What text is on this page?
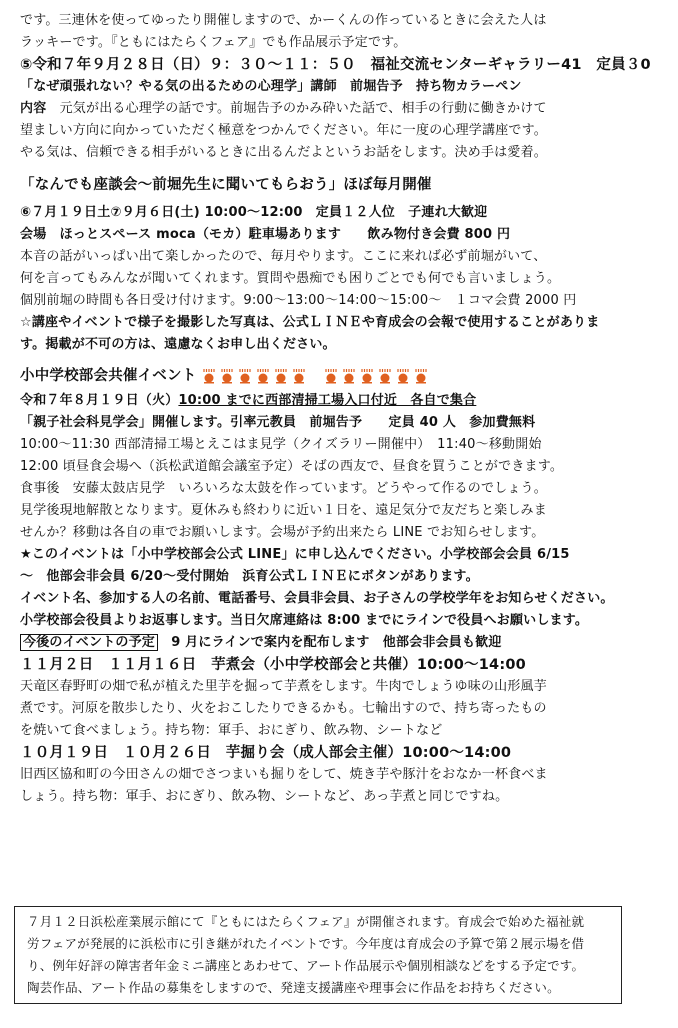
です。三連休を使ってゆったり開催しますので、かーくんの作っているときに会えた人は
ラッキーです。『ともにはたらくフェア』でも作品展示予定です。
⑤令和７年９月２８日（日）９：３０～１１：５０　福祉交流センターギャラリー41　定員３0
「なぜ頑張れない？やる気の出るための心理学」講師　前堀告予　持ち物カラーペン
内容　元気が出る心理学の話です。前堀告予のかみ砕いた話で、相手の行動に働きかけて
望ましい方向に向かっていただく極意をつかんでください。年に一度の心理学講座です。
やる気は、信頼できる相手がいるときに出るんだよというお話をします。決め手は愛着。
「なんでも座談会～前堀先生に聞いてもらおう」ほぼ毎月開催
⑥７月１９日土⑦９月６日(土) 10:00～12:00　定員１２人位　子連れ大歓迎
会場　ほっとスペース moca（モカ）駐車場あります　　飲み物付き会費 800 円
本音の話がいっぱい出て楽しかったので、毎月やります。ここに来れば必ず前堀がいて、
何を言ってもみんなが聞いてくれます。質問や愚痴でも困りごとでも何でも言いましょう。
個別前堀の時間も各日受け付けます。9:00～13:00～14:00～15:00～　１コマ会費 2000 円
☆講座やイベントで様子を撮影した写真は、公式ＬＩＮＥや育成会の会報で使用することがありま
す。掲載が不可の方は、遠慮なくお申し出ください。
小中学校部会共催イベント
令和７年８月１９日（火）10:00 までに西部清掃工場入口付近　各自で集合
「親子社会科見学会」開催します。引率元教員　前堀告予　　定員 40 人　参加費無料
10:00～11:30 西部清掃工場とえこはま見学（クイズラリー開催中）　11:40～移動開始
12:00 頃昼食会場へ（浜松武道館会議室予定）そばの西友で、昼食を買うことができます。
食事後　安藤太鼓店見学　いろいろな太鼓を作っています。どうやって作るのでしょう。
見学後現地解散となります。夏休みも終わりに近い１日を、遠足気分で友だちと楽しみま
せんか？移動は各自の車でお願いします。会場が予約出来たら LINE でお知らせします。
★このイベントは「小中学校部会公式 LINE」に申し込んでください。小学校部会会員 6/15
～　他部会非会員 6/20～受付開始　浜育公式ＬＩＮＥにボタンがあります。
イベント名、参加する人の名前、電話番号、会員非会員、お子さんの学校学年をお知らせください。
小学校部会役員よりお返事します。当日欠席連絡は 8:00 までにラインで役員へお願いします。
今後のイベントの予定　9 月にラインで案内を配布します　他部会非会員も歓迎
１１月２日　１１月１６日　芋煮会（小中学校部会と共催）10:00～14:00
天竜区春野町の畑で私が植えた里芋を掘って芋煮をします。牛肉でしょうゆ味の山形風芋
煮です。河原を散歩したり、火をおこしたりできるかも。七輪出すので、持ち寄ったもの
を焼いて食べましょう。持ち物：軍手、おにぎり、飲み物、シートなど
１０月１９日　１０月２６日　芋掘り会（成人部会主催）10:00～14:00
旧西区協和町の今田さんの畑でさつまいも掘りをして、焼き芋や豚汁をおなか一杯食べま
しょう。持ち物：軍手、おにぎり、飲み物、シートなど、あっ芋煮と同じですね。
７月１２日浜松産業展示館にて『ともにはたらくフェア』が開催されます。育成会で始めた福祉就
労フェアが発展的に浜松市に引き継がれたイベントです。今年度は育成会の予算で第２展示場を借
り、例年好評の障害者年金ミニ講座とあわせて、アート作品展示や個別相談などをする予定です。
陶芸作品、アート作品の募集をしますので、発達支援講座や理事会に作品をお持ちください。
